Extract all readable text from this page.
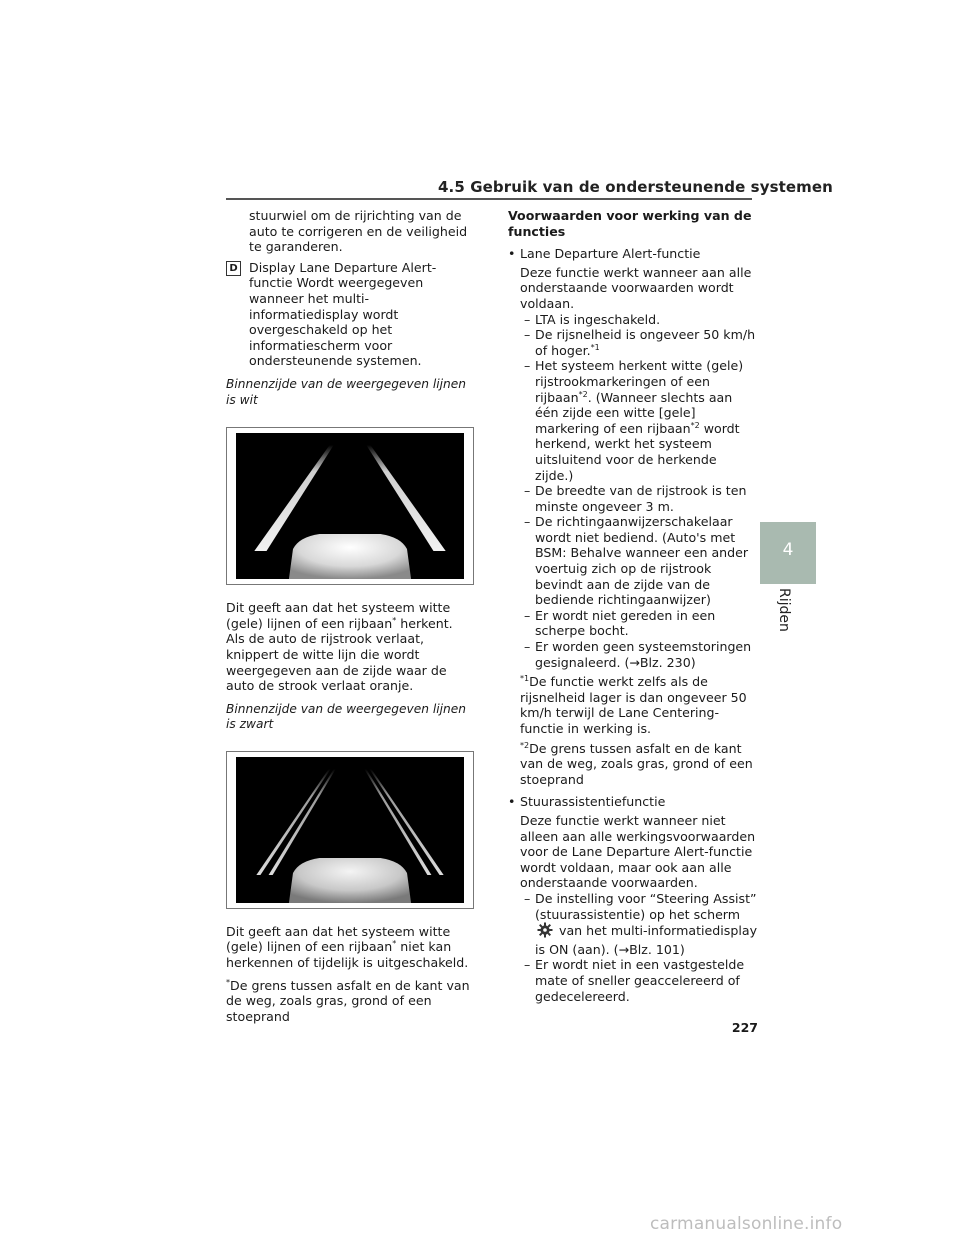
4.5 Gebruik van de ondersteunende systemen

stuurwiel om de rijrichting van de auto te corrigeren en de veiligheid te garanderen.

D Display Lane Departure Alert-functie Wordt weergegeven wanneer het multi-informatiedisplay wordt overgeschakeld op het informatiescherm voor ondersteunende systemen.

Binnenzijde van de weergegeven lijnen is wit

Dit geeft aan dat het systeem witte (gele) lijnen of een rijbaan* herkent. Als de auto de rijstrook verlaat, knippert de witte lijn die wordt weergegeven aan de zijde waar de auto de strook verlaat oranje.

Binnenzijde van de weergegeven lijnen is zwart

Dit geeft aan dat het systeem witte (gele) lijnen of een rijbaan* niet kan herkennen of tijdelijk is uitgeschakeld.

*De grens tussen asfalt en de kant van de weg, zoals gras, grond of een stoeprand

Voorwaarden voor werking van de functies

• Lane Departure Alert-functie

Deze functie werkt wanneer aan alle onderstaande voorwaarden wordt voldaan.

– LTA is ingeschakeld.
– De rijsnelheid is ongeveer 50 km/h of hoger.$^{*1}$
– Het systeem herkent witte (gele) rijstrookmarkeringen of een rijbaan$^{*2}$. (Wanneer slechts aan één zijde een witte [gele] markering of een rijbaan$^{*2}$ wordt herkend, werkt het systeem uitsluitend voor de herkende zijde.)
– De breedte van de rijstrook is ten minste ongeveer 3 m.
– De richtingaanwijzerschakelaar wordt niet bediend. (Auto's met BSM: Behalve wanneer een ander voertuig zich op de rijstrook bevindt aan de zijde van de bediende richtingaanwijzer)
– Er wordt niet gereden in een scherpe bocht.
– Er worden geen systeemstoringen gesignaleerd. (→Blz. 230)

$^{*1}$De functie werkt zelfs als de rijsnelheid lager is dan ongeveer 50 km/h terwijl de Lane Centering-functie in werking is.

$^{*2}$De grens tussen asfalt en de kant van de weg, zoals gras, grond of een stoeprand

• Stuurassistentiefunctie

Deze functie werkt wanneer niet alleen aan alle werkingsvoorwaarden voor de Lane Departure Alert-functie wordt voldaan, maar ook aan alle onderstaande voorwaarden.

– De instelling voor “Steering Assist” (stuurassistentie) op het scherm  van het multi-informatiedisplay is ON (aan). (→Blz. 101)
– Er wordt niet in een vastgestelde mate of sneller geaccelereerd of gedecelereerd.
4
Rijden
227
carmanualsonline.info
